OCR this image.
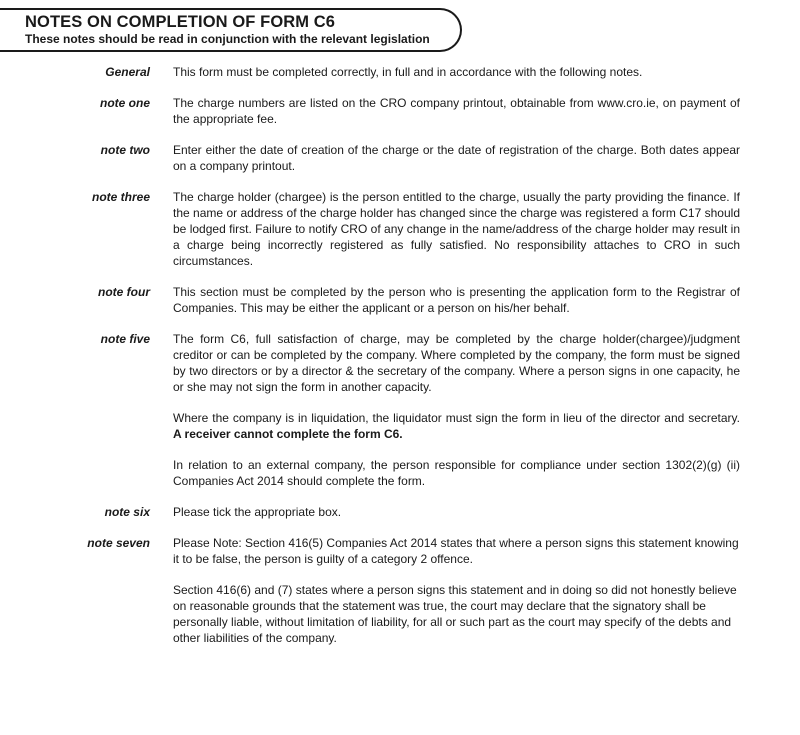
NOTES ON COMPLETION OF FORM C6
These notes should be read in conjunction with the relevant legislation
General This form must be completed correctly, in full and in accordance with the following notes.

note one The charge numbers are listed on the CRO company printout, obtainable from www.cro.ie, on payment of the appropriate fee.

note two Enter either the date of creation of the charge or the date of registration of the charge. Both dates appear on a company printout.

note three The charge holder (chargee) is the person entitled to the charge, usually the party providing the finance. If the name or address of the charge holder has changed since the charge was registered a form C17 should be lodged first. Failure to notify CRO of any change in the name/address of the charge holder may result in a charge being incorrectly registered as fully satisfied. No responsibility attaches to CRO in such circumstances.

note four This section must be completed by the person who is presenting the application form to the Registrar of Companies. This may be either the applicant or a person on his/her behalf.

note five The form C6, full satisfaction of charge, may be completed by the charge holder(chargee)/judgment creditor or can be completed by the company. Where completed by the company, the form must be signed by two directors or by a director & the secretary of the company. Where a person signs in one capacity, he or she may not sign the form in another capacity.

Where the company is in liquidation, the liquidator must sign the form in lieu of the director and secretary. A receiver cannot complete the form C6.

In relation to an external company, the person responsible for compliance under section 1302(2)(g) (ii) Companies Act 2014 should complete the form.

note six Please tick the appropriate box.

note seven Please Note: Section 416(5) Companies Act 2014 states that where a person signs this statement knowing it to be false, the person is guilty of a category 2 offence.

Section 416(6) and (7) states where a person signs this statement and in doing so did not honestly believe on reasonable grounds that the statement was true, the court may declare that the signatory shall be personally liable, without limitation of liability, for all or such part as the court may specify of the debts and other liabilities of the company.
